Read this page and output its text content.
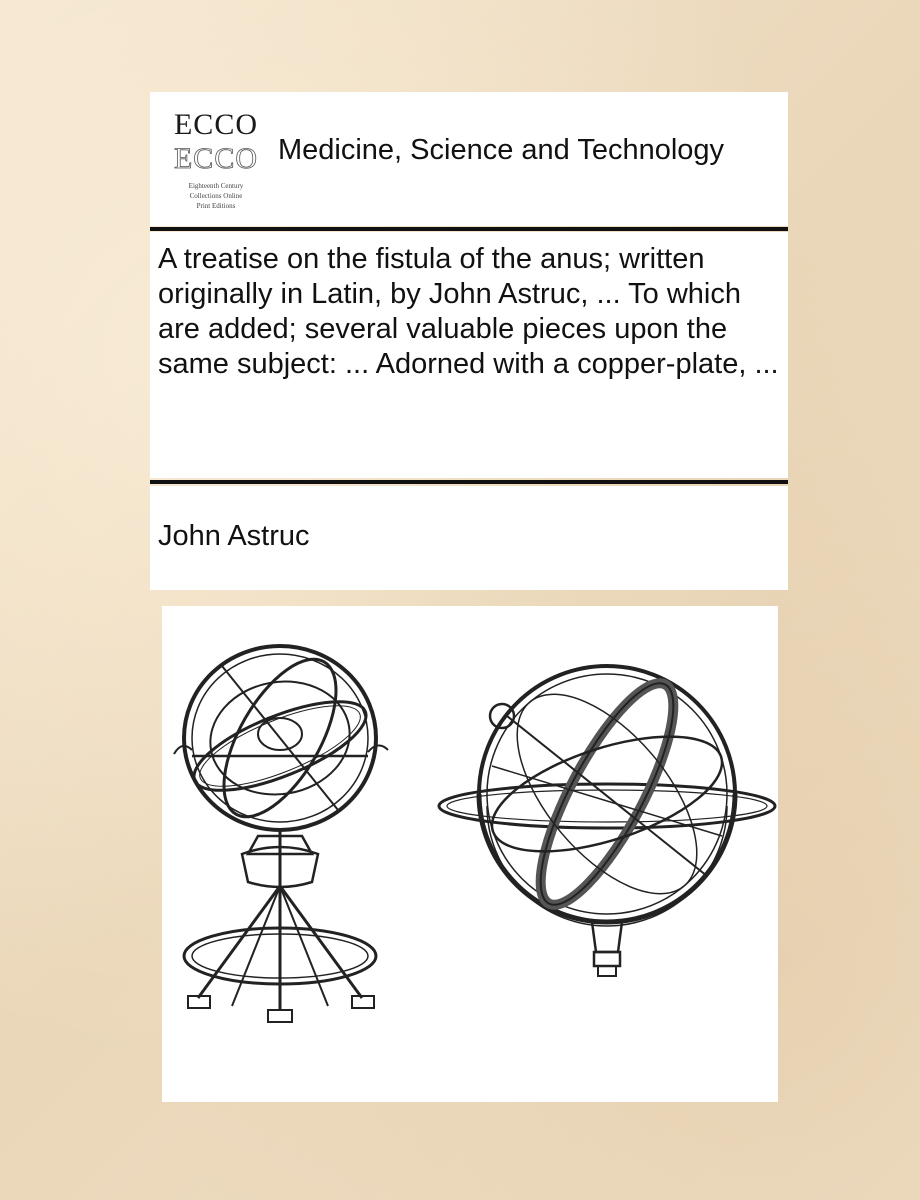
ECCO
ECCO
Eighteenth Century
Collections Online
Print Editions
Medicine, Science and Technology
A treatise on the fistula of the anus; written originally in Latin, by John Astruc, ... To which are added; several valuable pieces upon the same subject: ... Adorned with a copper-plate, ...
John Astruc
